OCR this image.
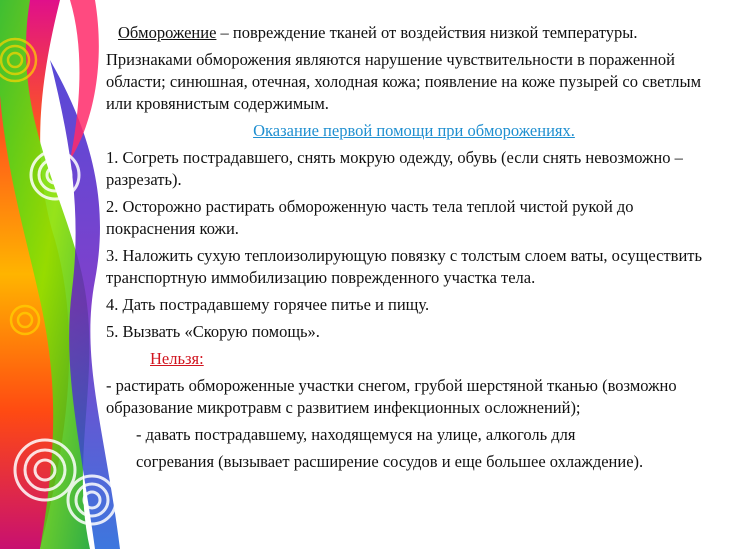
Обморожение – повреждение тканей от воздействия низкой температуры.

Признаками обморожения являются нарушение чувствительности в пораженной области; синюшная, отечная, холодная кожа; появление на коже пузырей со светлым или кровянистым содержимым.

Оказание первой помощи при обморожениях.

1. Согреть пострадавшего, снять мокрую одежду, обувь (если снять невозможно – разрезать).

2. Осторожно растирать обмороженную часть тела теплой чистой рукой до покраснения кожи.

3. Наложить сухую теплоизолирующую повязку с толстым слоем ваты, осуществить транспортную иммобилизацию поврежденного участка тела.

4. Дать пострадавшему горячее питье и пищу.

5. Вызвать «Скорую помощь».

Нельзя:

- растирать обмороженные участки снегом, грубой шерстяной тканью (возможно образование микротравм с развитием инфекционных осложнений);

- давать пострадавшему, находящемуся на улице, алкоголь для

согревания (вызывает расширение сосудов и еще большее охлаждение).
